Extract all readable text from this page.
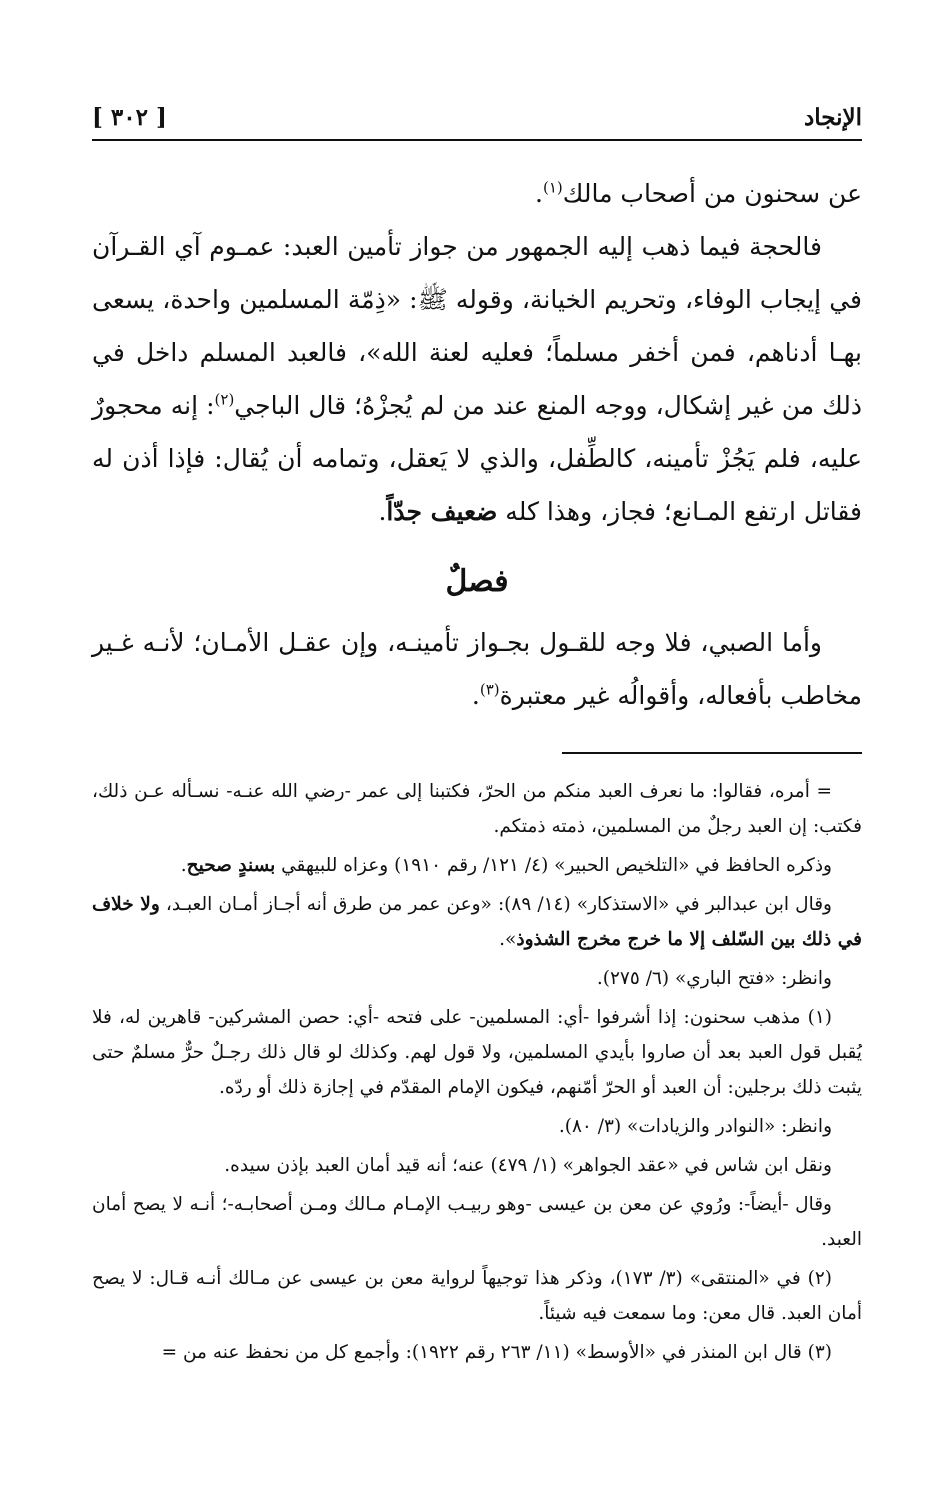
الإنجاد
[ ٣٠٢ ]

عن سحنون من أصحاب مالك$^{(١)}$.

فالحجة فيما ذهب إليه الجمهور من جواز تأمين العبد: عمـوم آي القـرآن في إيجاب الوفاء، وتحريم الخيانة، وقوله ﷺ: «ذِمّة المسلمين واحدة، يسعى بهـا أدناهم، فمن أخفر مسلماً؛ فعليه لعنة الله»، فالعبد المسلم داخل في ذلك من غير إشكال، ووجه المنع عند من لم يُجزْهُ؛ قال الباجي$^{(٢)}$: إنه محجورٌ عليه، فلم يَجُزْ تأمينه، كالطِّفل، والذي لا يَعقل، وتمامه أن يُقال: فإذا أذن له فقاتل ارتفع المـانع؛ فجاز، وهذا كله ضعيف جدّاً.

فصلٌ

وأما الصبي، فلا وجه للقـول بجـواز تأمينـه، وإن عقـل الأمـان؛ لأنـه غـير مخاطب بأفعاله، وأقوالُه غير معتبرة$^{(٣)}$.

= أمره، فقالوا: ما نعرف العبد منكم من الحرّ، فكتبنا إلى عمر -رضي الله عنـه- نسـأله عـن ذلك، فكتب: إن العبد رجلٌ من المسلمين، ذمته ذمتكم.

وذكره الحافظ في «التلخيص الحبير» (٤/ ١٢١/ رقم ١٩١٠) وعزاه للبيهقي بسندٍ صحيح.

وقال ابن عبدالبر في «الاستذكار» (١٤/ ٨٩): «وعن عمر من طرق أنه أجـاز أمـان العبـد، ولا خلاف في ذلك بين السّلف إلا ما خرج مخرج الشذوذ».

وانظر: «فتح الباري» (٦/ ٢٧٥).

(١) مذهب سحنون: إذا أشرفوا -أي: المسلمين- على فتحه -أي: حصن المشركين- قاهرين له، فلا يُقبل قول العبد بعد أن صاروا بأيدي المسلمين، ولا قول لهم. وكذلك لو قال ذلك رجـلٌ حرٌّ مسلمٌ حتى يثبت ذلك برجلين: أن العبد أو الحرّ أمّنهم، فيكون الإمام المقدّم في إجازة ذلك أو ردّه.

وانظر: «النوادر والزيادات» (٣/ ٨٠).

ونقل ابن شاس في «عقد الجواهر» (١/ ٤٧٩) عنه؛ أنه قيد أمان العبد بإذن سيده.

وقال -أيضاً-: ورُوي عن معن بن عيسى -وهو ربيـب الإمـام مـالك ومـن أصحابـه-؛ أنـه لا يصح أمان العبد.

(٢) في «المنتقى» (٣/ ١٧٣)، وذكر هذا توجيهاً لرواية معن بن عيسى عن مـالك أنـه قـال: لا يصح أمان العبد. قال معن: وما سمعت فيه شيئاً.

(٣) قال ابن المنذر في «الأوسط» (١١/ ٢٦٣ رقم ١٩٢٢): وأجمع كل من نحفظ عنه من =
